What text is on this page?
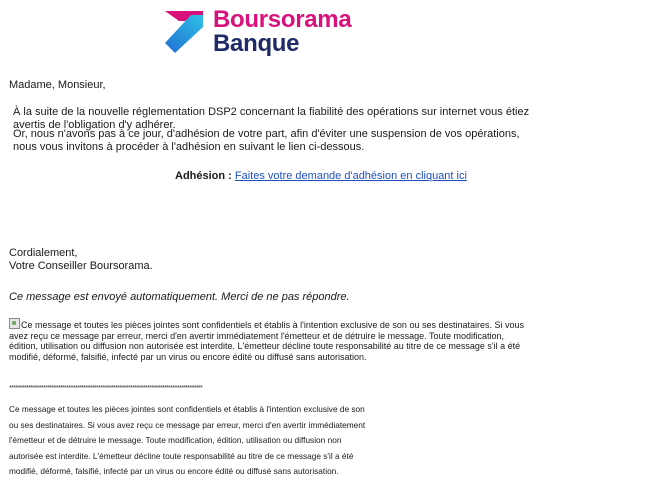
Boursorama
Banque
Madame, Monsieur,
À la suite de la nouvelle réglementation DSP2 concernant la fiabilité des opérations sur internet vous étiez avertis de l'obligation d'y adhérer.
Or, nous n'avons pas à ce jour, d'adhésion de votre part, afin d'éviter une suspension de vos opérations, nous vous invitons à procéder à l'adhésion en suivant le lien ci-dessous.
Adhésion : Faites votre demande d'adhésion en cliquant ici
Cordialement,
Votre Conseiller Boursorama.
Ce message est envoyé automatiquement. Merci de ne pas répondre.
Ce message et toutes les pièces jointes sont confidentiels et établis à l'intention exclusive de son ou ses destinataires. Si vous avez reçu ce message par erreur, merci d'en avertir immédiatement l'émetteur et de détruire le message. Toute modification, édition, utilisation ou diffusion non autorisée est interdite. L'émetteur décline toute responsabilité au titre de ce message s'il a été modifié, déformé, falsifié, infecté par un virus ou encore édité ou diffusé sans autorisation.
*******************************************************************************************
Ce message et toutes les pièces jointes sont confidentiels et établis à l'intention exclusive de son ou ses destinataires. Si vous avez reçu ce message par erreur, merci d'en avertir immédiatement l'émetteur et de détruire le message. Toute modification, édition, utilisation ou diffusion non autorisée est interdite. L'émetteur décline toute responsabilité au titre de ce message s'il a été modifié, déformé, falsifié, infecté par un virus ou encore édité ou diffusé sans autorisation.
